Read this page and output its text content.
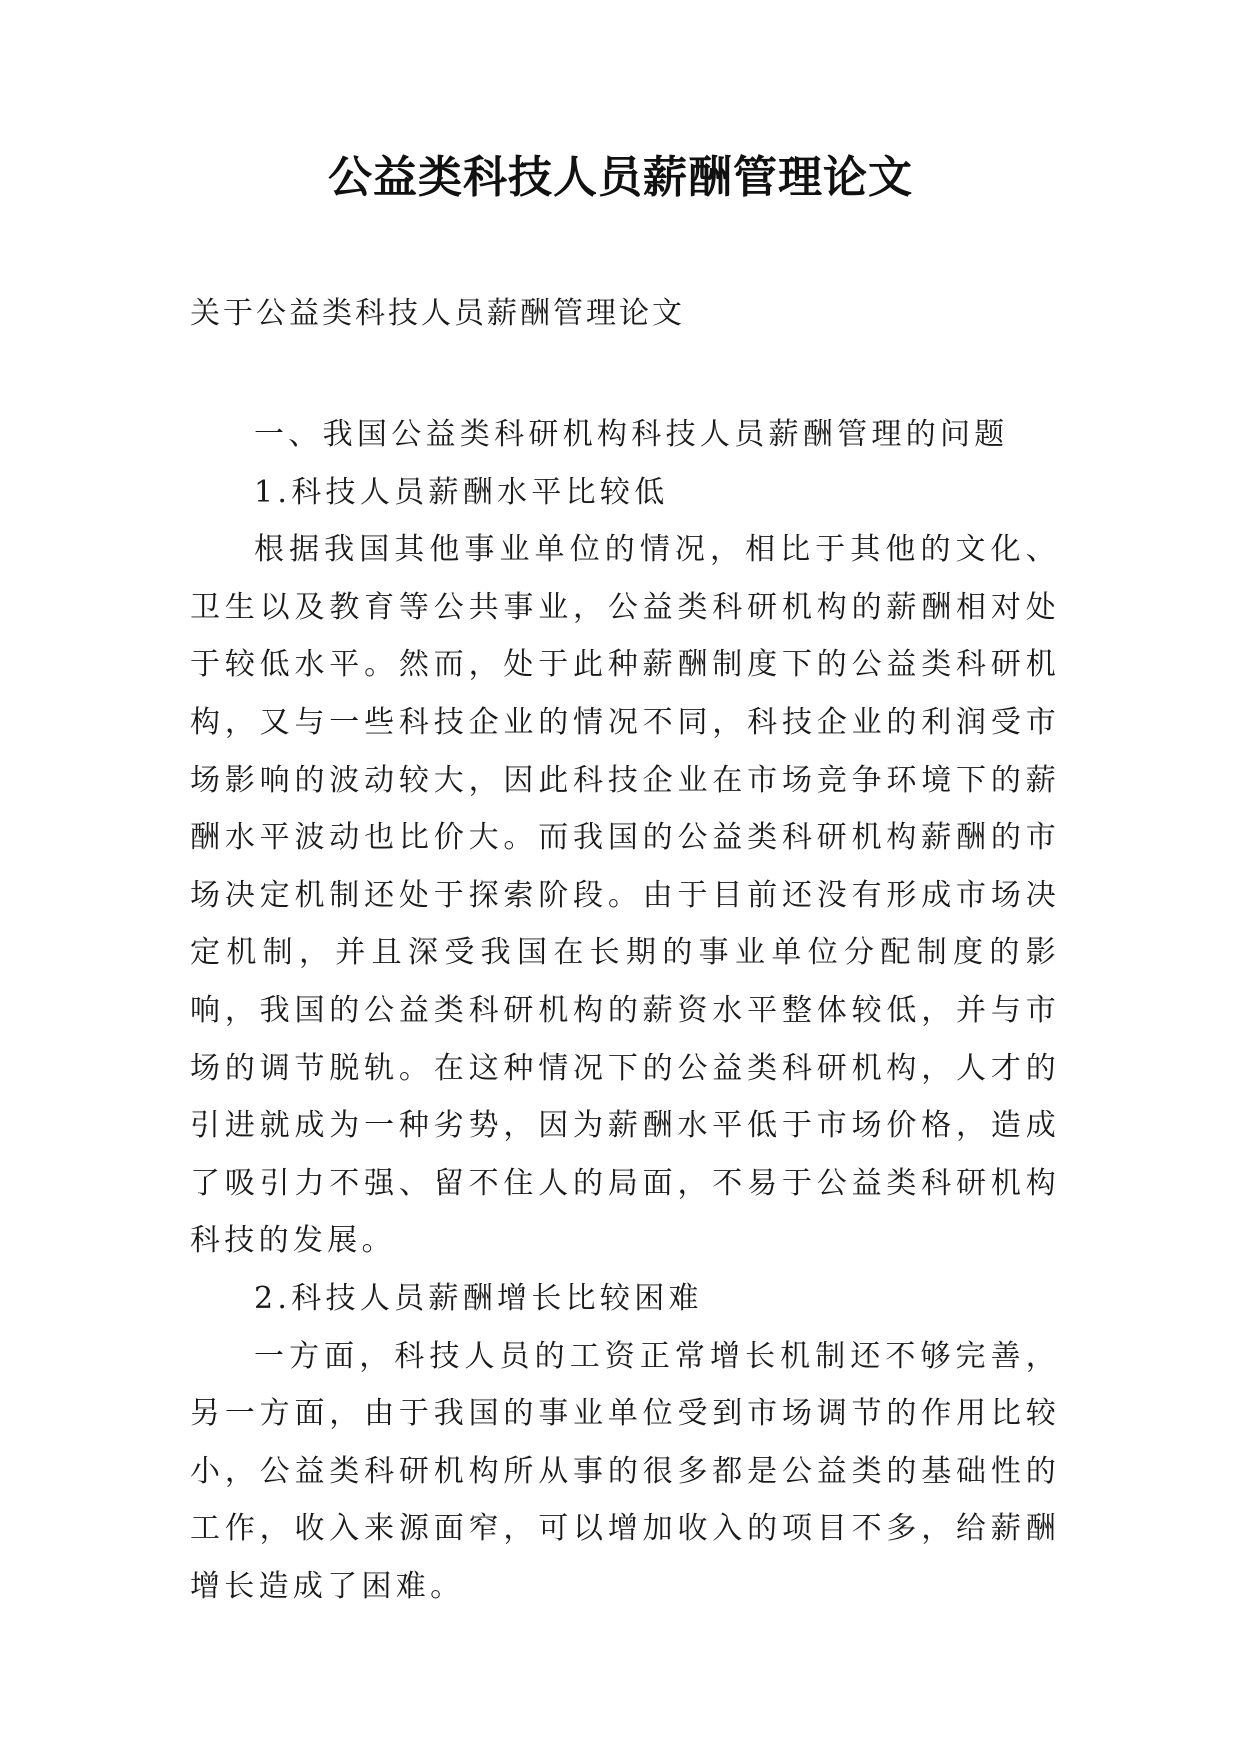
公益类科技人员薪酬管理论文

关于公益类科技人员薪酬管理论文

一、我国公益类科研机构科技人员薪酬管理的问题

1.科技人员薪酬水平比较低

根据我国其他事业单位的情况，相比于其他的文化、卫生以及教育等公共事业，公益类科研机构的薪酬相对处于较低水平。然而，处于此种薪酬制度下的公益类科研机构，又与一些科技企业的情况不同，科技企业的利润受市场影响的波动较大，因此科技企业在市场竞争环境下的薪酬水平波动也比价大。而我国的公益类科研机构薪酬的市场决定机制还处于探索阶段。由于目前还没有形成市场决定机制，并且深受我国在长期的事业单位分配制度的影响，我国的公益类科研机构的薪资水平整体较低，并与市场的调节脱轨。在这种情况下的公益类科研机构，人才的引进就成为一种劣势，因为薪酬水平低于市场价格，造成了吸引力不强、留不住人的局面，不易于公益类科研机构科技的发展。

2.科技人员薪酬增长比较困难

一方面，科技人员的工资正常增长机制还不够完善，另一方面，由于我国的事业单位受到市场调节的作用比较小，公益类科研机构所从事的很多都是公益类的基础性的工作，收入来源面窄，可以增加收入的项目不多，给薪酬增长造成了困难。
